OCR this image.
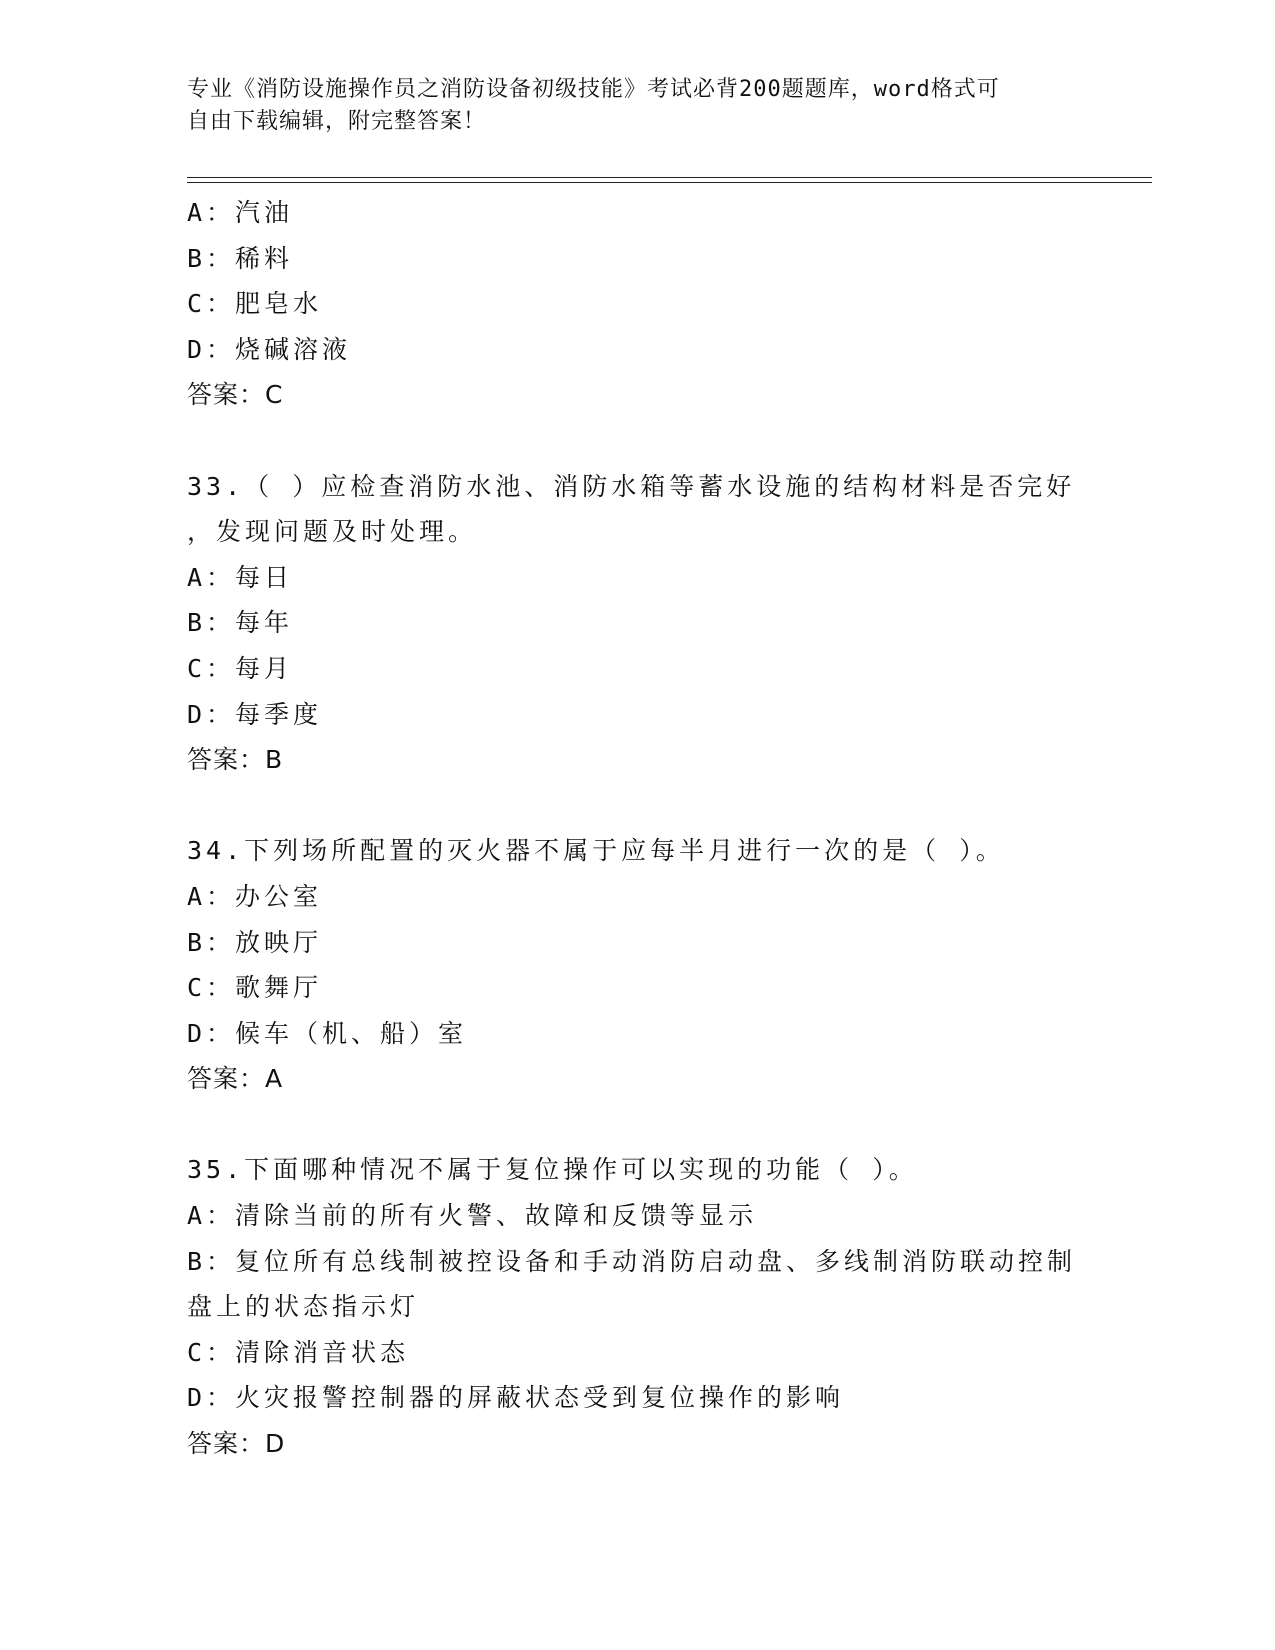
专业《消防设施操作员之消防设备初级技能》考试必背200题题库，word格式可
自由下载编辑，附完整答案！
A：汽油
B：稀料
C：肥皂水
D：烧碱溶液
答案：C
33.（ ）应检查消防水池、消防水箱等蓄水设施的结构材料是否完好
，发现问题及时处理。
A：每日
B：每年
C：每月
D：每季度
答案：B
34.下列场所配置的灭火器不属于应每半月进行一次的是（ ）。
A：办公室
B：放映厅
C：歌舞厅
D：候车（机、船）室
答案：A
35.下面哪种情况不属于复位操作可以实现的功能（ ）。
A：清除当前的所有火警、故障和反馈等显示
B：复位所有总线制被控设备和手动消防启动盘、多线制消防联动控制
盘上的状态指示灯
C：清除消音状态
D：火灾报警控制器的屏蔽状态受到复位操作的影响
答案：D
